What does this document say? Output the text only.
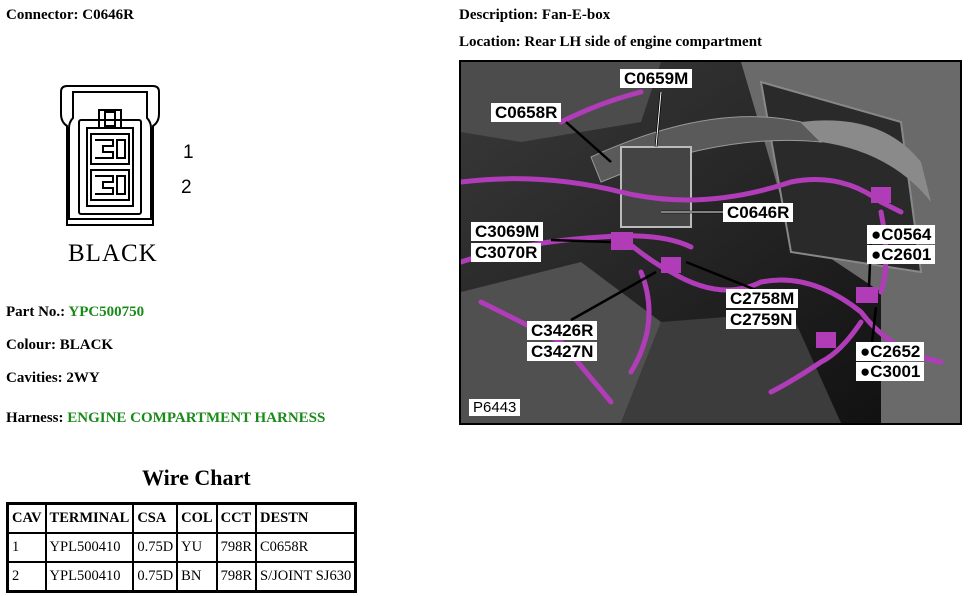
Connector: C0646R
1
2
BLACK
Part No.: YPC500750
Colour: BLACK
Cavities: 2WY
Harness: ENGINE COMPARTMENT HARNESS
Wire Chart
CAV	TERMINAL	CSA	COL	CCT	DESTN
1	YPL500410	0.75D	YU	798R	C0658R
2	YPL500410	0.75D	BN	798R	S/JOINT SJ630
Description: Fan-E-box
Location: Rear LH side of engine compartment
C0659M
C0658R
C0646R
C3069M
C3070R
C2758M
C2759N
C3426R
C3427N
●C0564
●C2601
●C2652
●C3001
P6443
